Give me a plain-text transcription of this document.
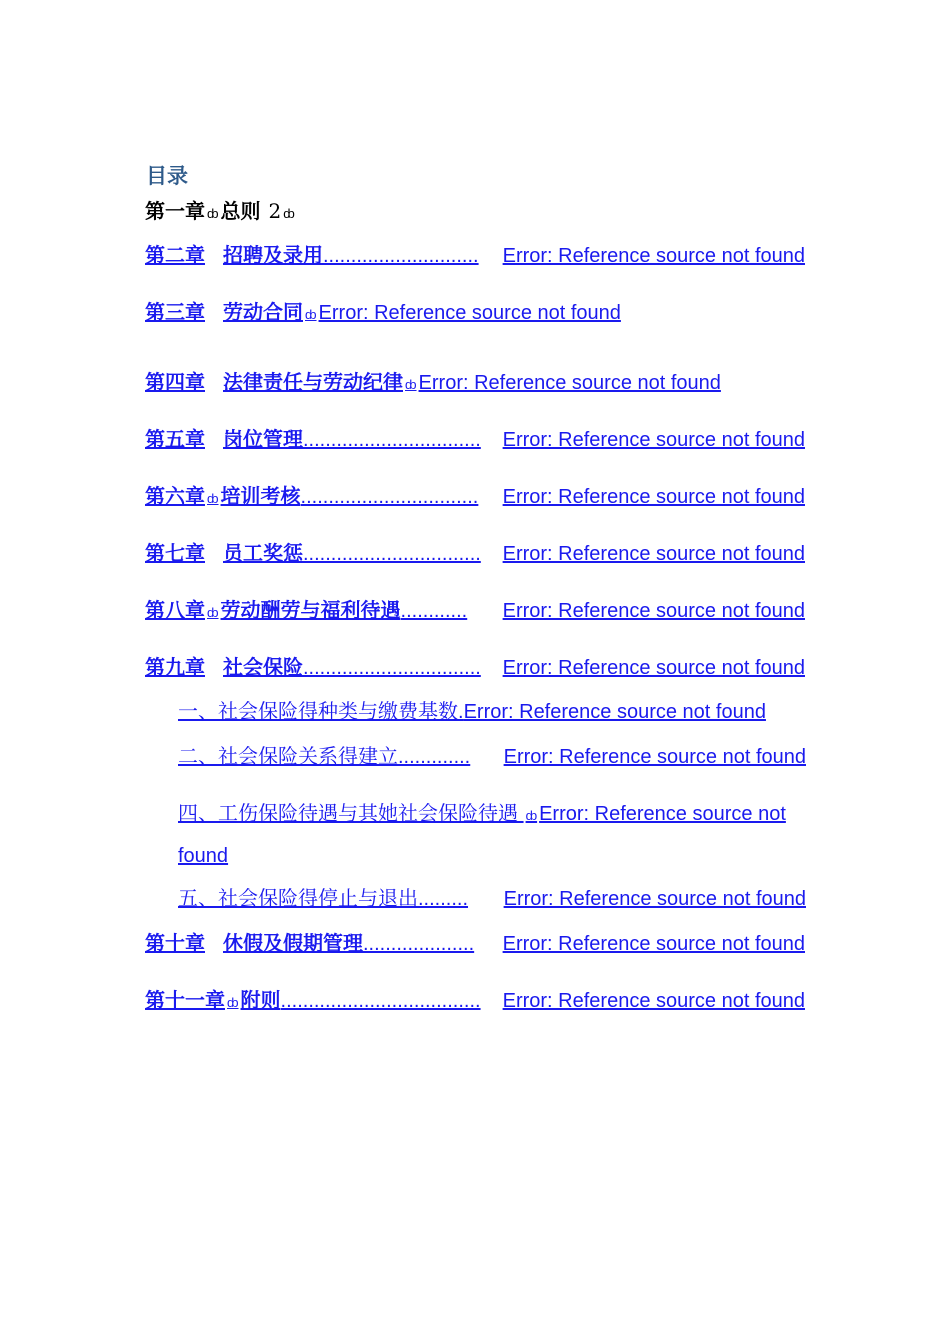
目录
第一章 ȸ 总则 2 ȸ
第二章 招聘及录用 ............................	Error: Reference source not found
第三章 劳动合同 ȸ Error: Reference source not found
第四章 法律责任与劳动纪律 ȸ Error: Reference source not found
第五章 岗位管理 ................................	Error: Reference source not found
第六章 ȸ 培训考核 ................................	Error: Reference source not found
第七章 员工奖惩 ................................	Error: Reference source not found
第八章 ȸ 劳动酬劳与福利待遇 ............	Error: Reference source not found
第九章 社会保险 ................................	Error: Reference source not found
一、社会保险得种类与缴费基数 . Error: Reference source not found
二、社会保险关系得建立 .............	Error: Reference source not found
四、工伤保险待遇与其她社会保险待遇 ȸ Error: Reference source not found
五、社会保险得停止与退出 .........	Error: Reference source not found
第十章 休假及假期管理 ....................	Error: Reference source not found
第十一章 ȸ 附则 ....................................	Error: Reference source not found
